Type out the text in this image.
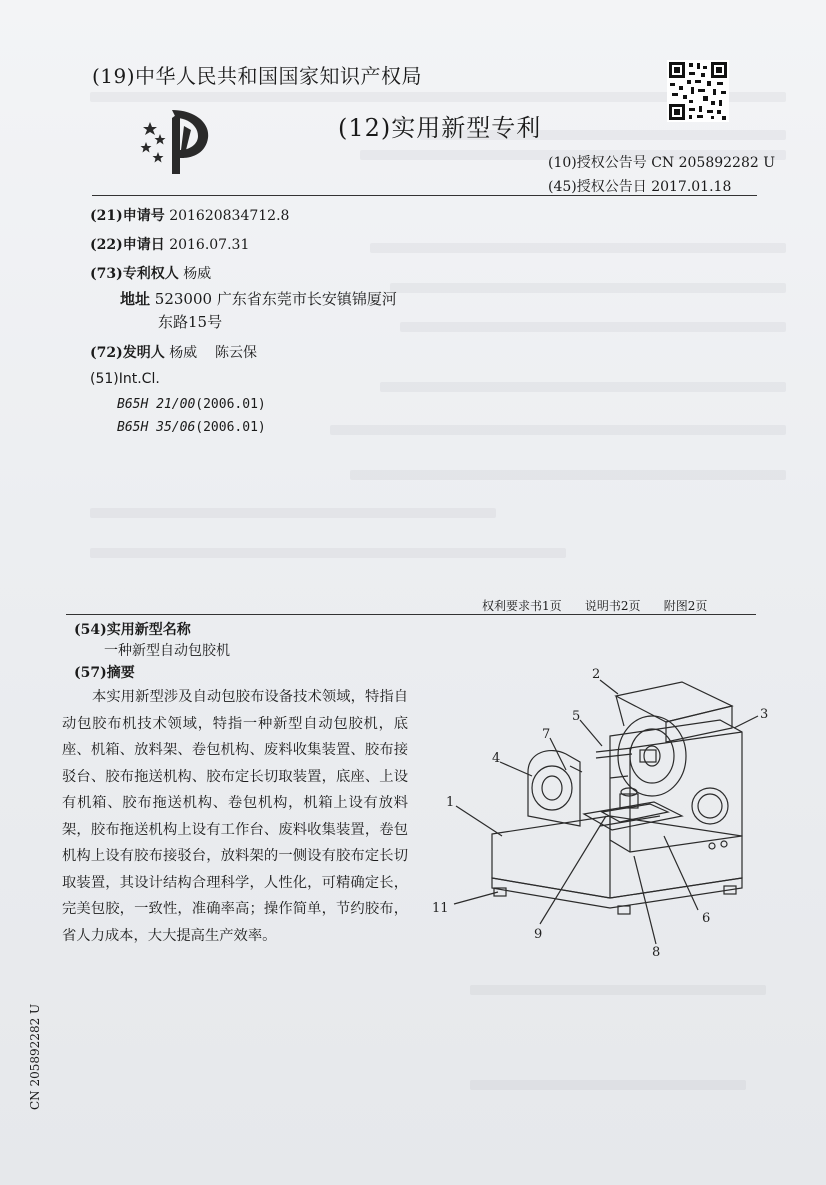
(19)中华人民共和国国家知识产权局
(12)实用新型专利
(10)授权公告号 CN 205892282 U
(45)授权公告日 2017.01.18
(21)申请号 201620834712.8
(22)申请日 2016.07.31
(73)专利权人 杨威
地址 523000 广东省东莞市长安镇锦厦河
东路15号
(72)发明人 杨威    陈云保
(51)Int.Cl.
B65H 21/00(2006.01)
B65H 35/06(2006.01)
权利要求书1页    说明书2页    附图2页
(54)实用新型名称
一种新型自动包胶机
(57)摘要
本实用新型涉及自动包胶布设备技术领域，特指自动包胶布机技术领域，特指一种新型自动包胶机，底座、机箱、放料架、卷包机构、废料收集装置、胶布接驳台、胶布拖送机构、胶布定长切取装置，底座、上设有机箱、胶布拖送机构、卷包机构，机箱上设有放料架，胶布拖送机构上设有工作台、废料收集装置，卷包机构上设有胶布接驳台，放料架的一侧设有胶布定长切取装置，其设计结构合理科学，人性化，可精确定长，完美包胶，一致性，准确率高；操作简单，节约胶布，省人力成本，大大提高生产效率。
1
2
3
4
5
6
7
8
9
11
CN 205892282 U
